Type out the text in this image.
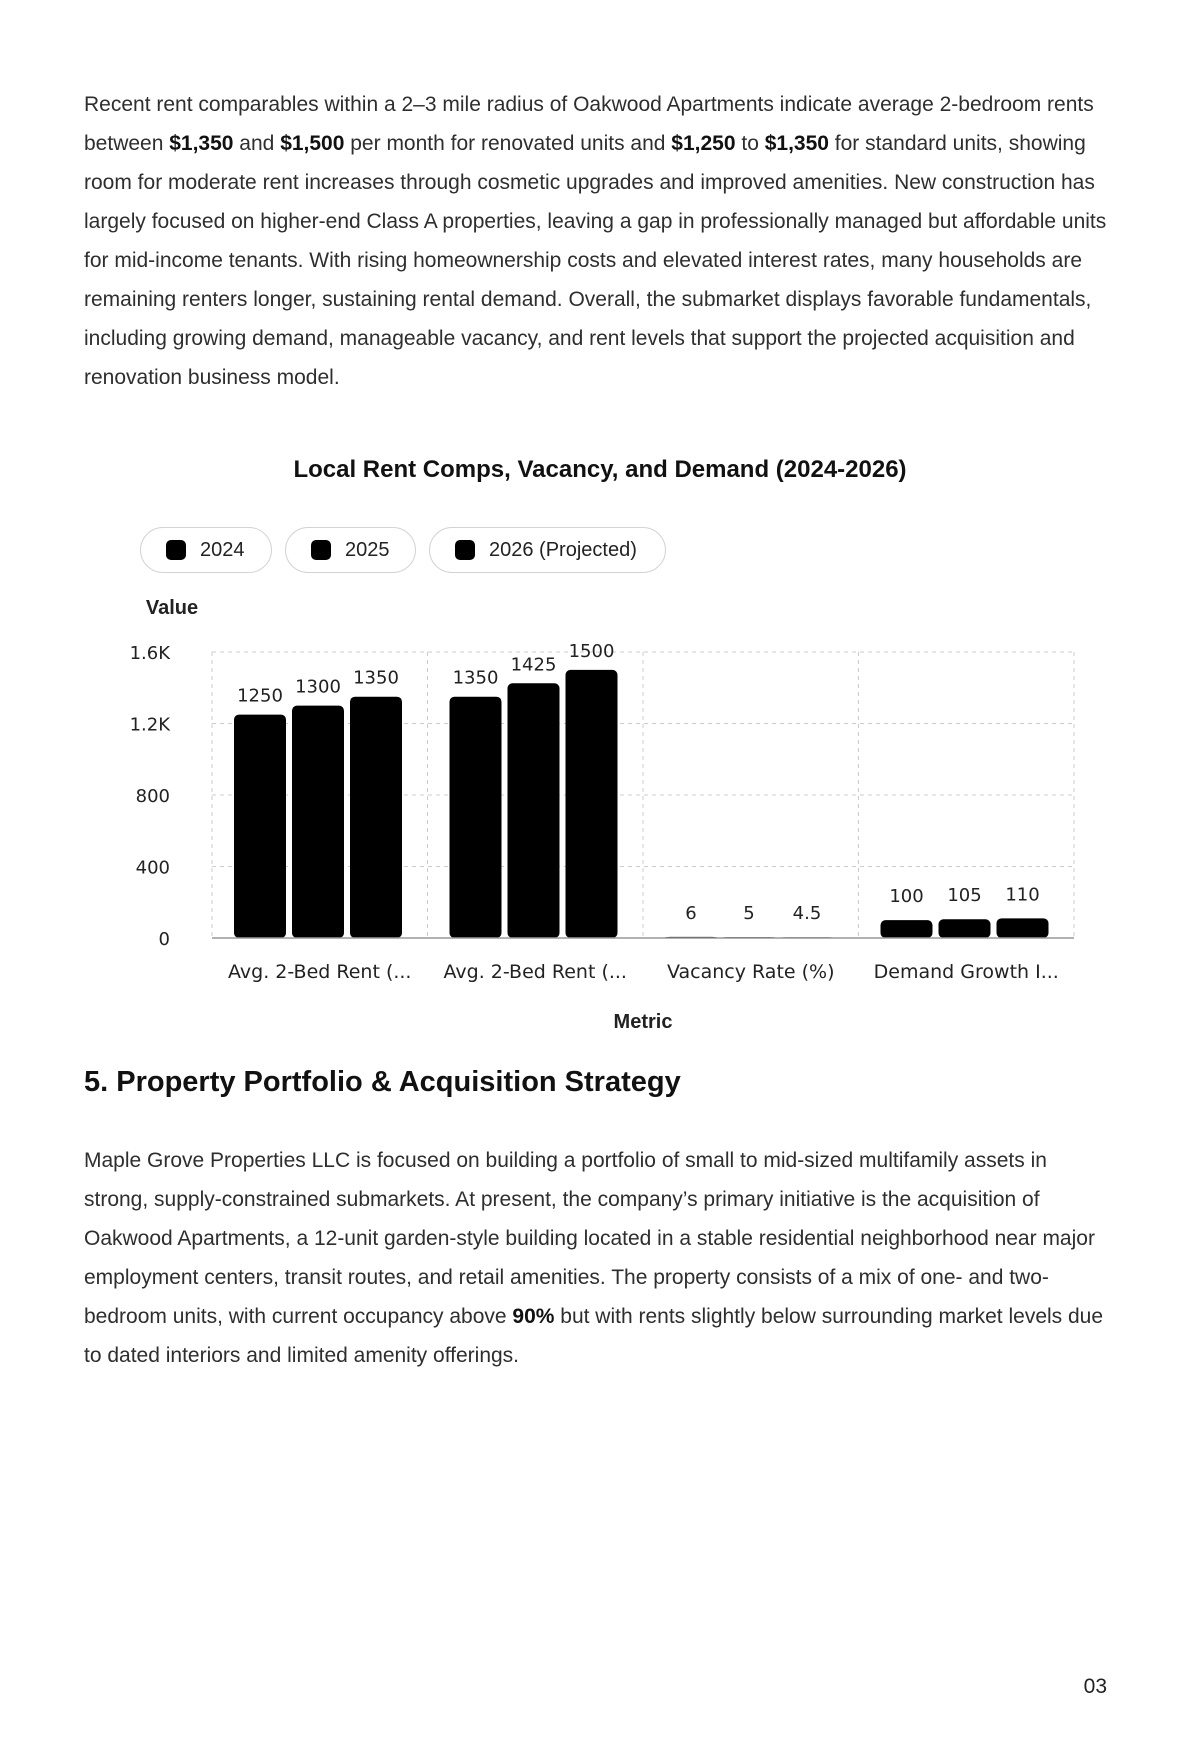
Recent rent comparables within a 2–3 mile radius of Oakwood Apartments indicate average 2-bedroom rents between $1,350 and $1,500 per month for renovated units and $1,250 to $1,350 for standard units, showing room for moderate rent increases through cosmetic upgrades and improved amenities. New construction has largely focused on higher-end Class A properties, leaving a gap in professionally managed but affordable units for mid-income tenants. With rising homeownership costs and elevated interest rates, many households are remaining renters longer, sustaining rental demand. Overall, the submarket displays favorable fundamentals, including growing demand, manageable vacancy, and rent levels that support the projected acquisition and renovation business model.

Local Rent Comps, Vacancy, and Demand (2024-2026)
2024	2025	2026 (Projected)
0
400
800
1.2K
1.6K
1250
1350
6
100
1300
1425
5
105
1350
1500
4.5
110
Avg. 2-Bed Rent (... Avg. 2-Bed Rent (... Vacancy Rate (%) Demand Growth I...
Value
Metric
5. Property Portfolio & Acquisition Strategy

Maple Grove Properties LLC is focused on building a portfolio of small to mid-sized multifamily assets in strong, supply-constrained submarkets. At present, the company’s primary initiative is the acquisition of Oakwood Apartments, a 12-unit garden-style building located in a stable residential neighborhood near major employment centers, transit routes, and retail amenities. The property consists of a mix of one- and two-bedroom units, with current occupancy above 90% but with rents slightly below surrounding market levels due to dated interiors and limited amenity offerings.

03
